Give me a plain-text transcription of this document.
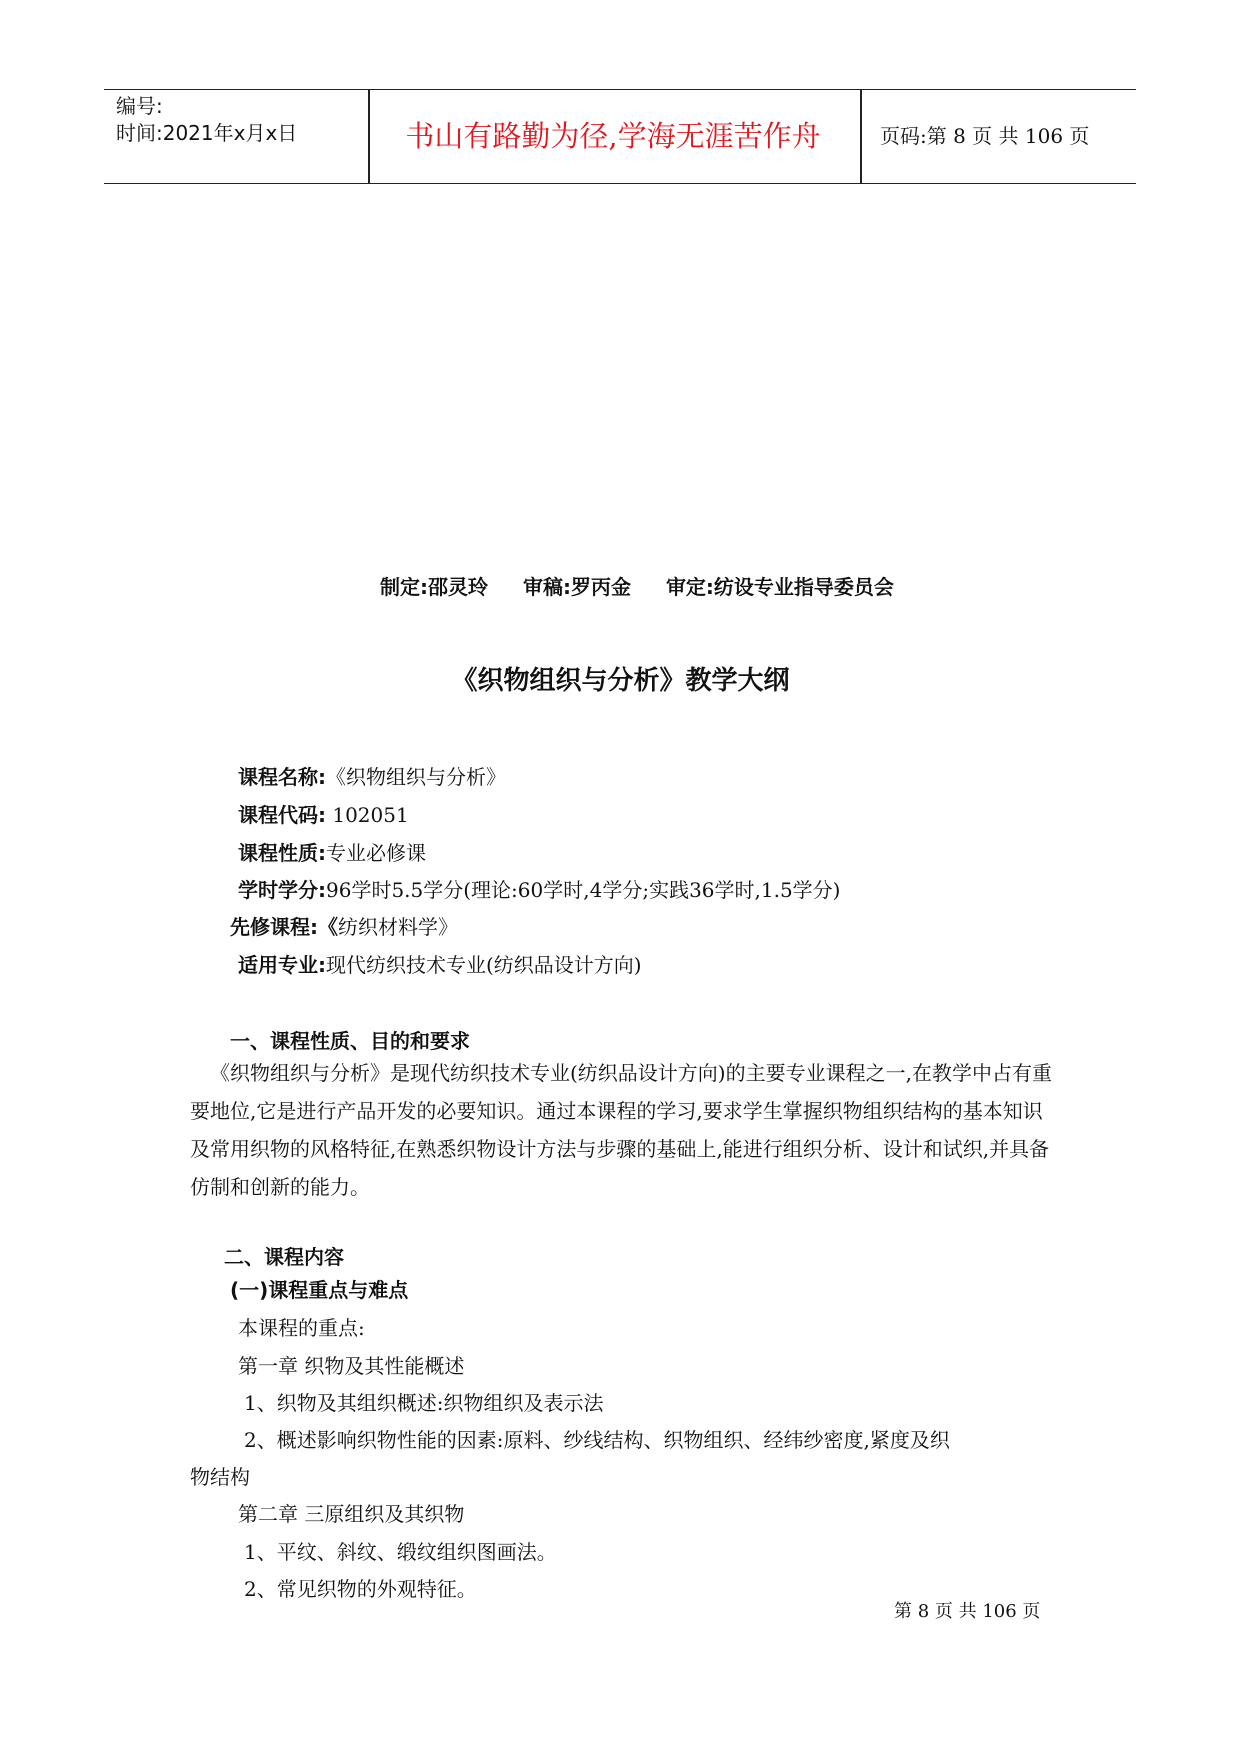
编号:
时间:2021年x月x日	书山有路勤为径,学海无涯苦作舟	页码:第 8 页 共 106 页
制定:邵灵玲 审稿:罗丙金 审定:纺设专业指导委员会
《织物组织与分析》教学大纲
课程名称:《织物组织与分析》
课程代码: 102051
课程性质:专业必修课
学时学分:96学时5.5学分(理论:60学时,4学分;实践36学时,1.5学分)
先修课程:《纺织材料学》
适用专业:现代纺织技术专业(纺织品设计方向)
一、课程性质、目的和要求
《织物组织与分析》是现代纺织技术专业(纺织品设计方向)的主要专业课程之一,在教学中占有重要地位,它是进行产品开发的必要知识。通过本课程的学习,要求学生掌握织物组织结构的基本知识及常用织物的风格特征,在熟悉织物设计方法与步骤的基础上,能进行组织分析、设计和试织,并具备仿制和创新的能力。
二、课程内容
(一)课程重点与难点
本课程的重点:
第一章 织物及其性能概述
1、织物及其组织概述:织物组织及表示法
2、概述影响织物性能的因素:原料、纱线结构、织物组织、经纬纱密度,紧度及织
物结构
第二章 三原组织及其织物
1、平纹、斜纹、缎纹组织图画法。
2、常见织物的外观特征。
第 8 页 共 106 页
